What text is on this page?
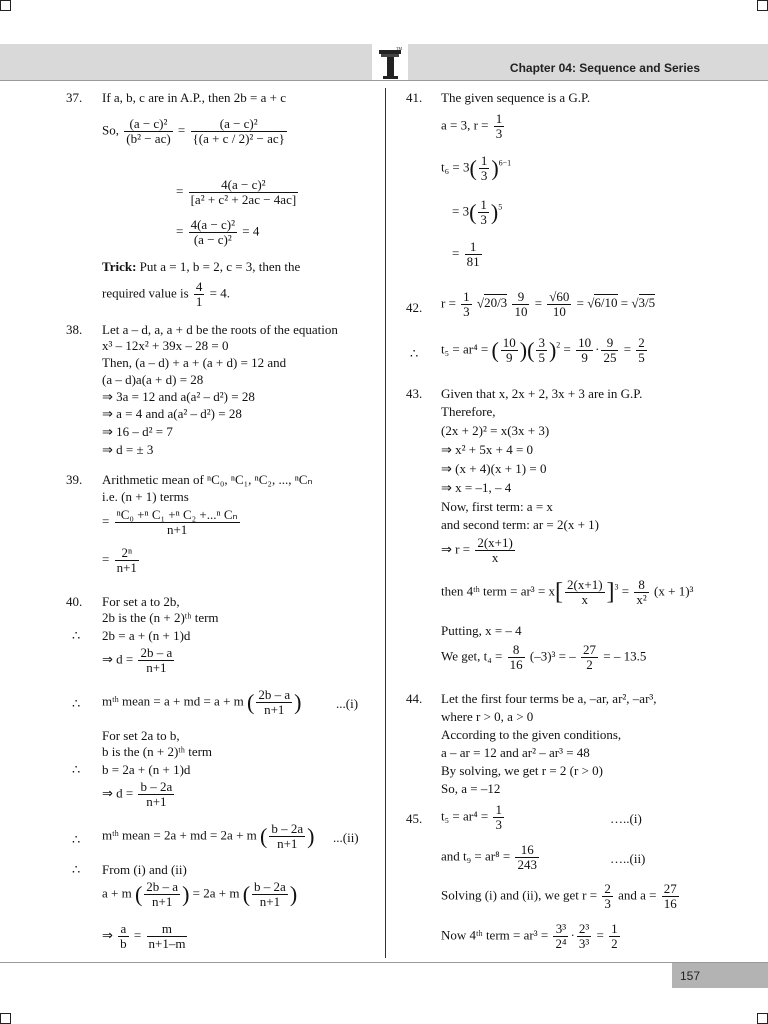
TM
Chapter 04: Sequence and Series
37. If a, b, c are in A.P., then 2b = a + c
So, $\frac{\text{(a − c)²}}{\text{(b² − ac)}} = \frac{\text{(a − c)²}}{\text{\{(a + c / 2)² − ac\}}}$
= $\frac{\text{4(a − c)²}}{\text{[a² + c² + 2ac − 4ac]}}$
= $\frac{\text{4(a − c)²}}{\text{(a − c)²}} = 4$
Trick: Put a = 1, b = 2, c = 3, then the
required value is $\frac{4}{1} = 4$.
38. Let a – d, a, a + d be the roots of the equation
x³ – 12x² + 39x – 28 = 0
Then, (a – d) + a + (a + d) = 12 and
(a – d)a(a + d) = 28
⇒ 3a = 12 and a(a² – d²) = 28
⇒ a = 4 and a(a² – d²) = 28
⇒ 16 – d² = 7
⇒ d = ± 3
39. Arithmetic mean of ⁿC₀, ⁿC₁, ⁿC₂, ..., ⁿCₙ
i.e. (n + 1) terms
= $\frac{\text{ⁿC₀ +ⁿ C₁ +ⁿ C₂ +...ⁿ Cₙ}}{n+1}$
= $\frac{\text{2ⁿ}}{n+1}$
40. For set a to 2b,
2b is the (n + 2)ᵗʰ term
∴ 2b = a + (n + 1)d
⇒ $d = \frac{2b - a}{n+1}$
∴ mᵗʰ mean = a + md = a + m ( $\frac{2b - a}{n+1}$ )	...(i)
For set 2a to b,
b is the (n + 2)ᵗʰ term
∴ b = 2a + (n + 1)d
⇒ $d = \frac{b - 2a}{n+1}$
∴ mᵗʰ mean = 2a + md = 2a + m ( $\frac{b - 2a}{n+1}$ ) ...(ii)
∴ From (i) and (ii)
a + m ( $\frac{2b - a}{n+1}$ ) = 2a + m ( $\frac{b - 2a}{n+1}$ )
⇒ $\frac{a}{b} = \frac{m}{n+1-m}$
41. The given sequence is a G.P.
a = 3, $r = \frac{1}{3}$
$t_6 = 3( \frac{1}{3} )^{6-1}$
= $3( \frac{1}{3} )^5$
= $\frac{1}{81}$
42. $r = \frac{1}{3} √20/3 \frac{9}{10} = \frac{√60}{10} = √6/10 = √3/5$
∴ t₅ = ar⁴ = ( $\frac{10}{9}$ )( $\frac{3}{5} )^2 = \frac{10}{9} \cdot \frac{9}{25} = \frac{2}{5}$
43. Given that x, 2x + 2, 3x + 3 are in G.P.
Therefore,
(2x + 2)² = x(3x + 3)
⇒ x² + 5x + 4 = 0
⇒ (x + 4)(x + 1) = 0
⇒ x = –1, – 4
Now, first term: a = x
and second term: ar = 2(x + 1)
⇒ $r = \frac{2(x+1)}{x}$
then 4ᵗʰ term = $ar^3 = x[ \frac{2(x+1)}{x} ]^3 = \frac{8}{\text{x²}} (x + 1)^3$
Putting, x = – 4
We get, $t_4 = \frac{8}{16} (-3)^3$ = – $\frac{27}{2}$ = – 13.5
44. Let the first four terms be a, –ar, ar², –ar³,
where r > 0, a > 0
According to the given conditions,
a – ar = 12 and ar² – ar³ = 48
By solving, we get r = 2 (r > 0)
So, a = –12
45. $t_5 = ar^4 = \frac{1}{3}$	…..(i)
and $t_9 = ar^8 = \frac{16}{243}$	…..(ii)
Solving (i) and (ii), we get $r = \frac{2}{3}$ and $a = \frac{27}{16}$
Now 4ᵗʰ term = $ar^3 = \frac{\text{3³}}{\text{2⁴}} \cdot \frac{\text{2³}}{\text{3³}} = \frac{1}{2}$
157
